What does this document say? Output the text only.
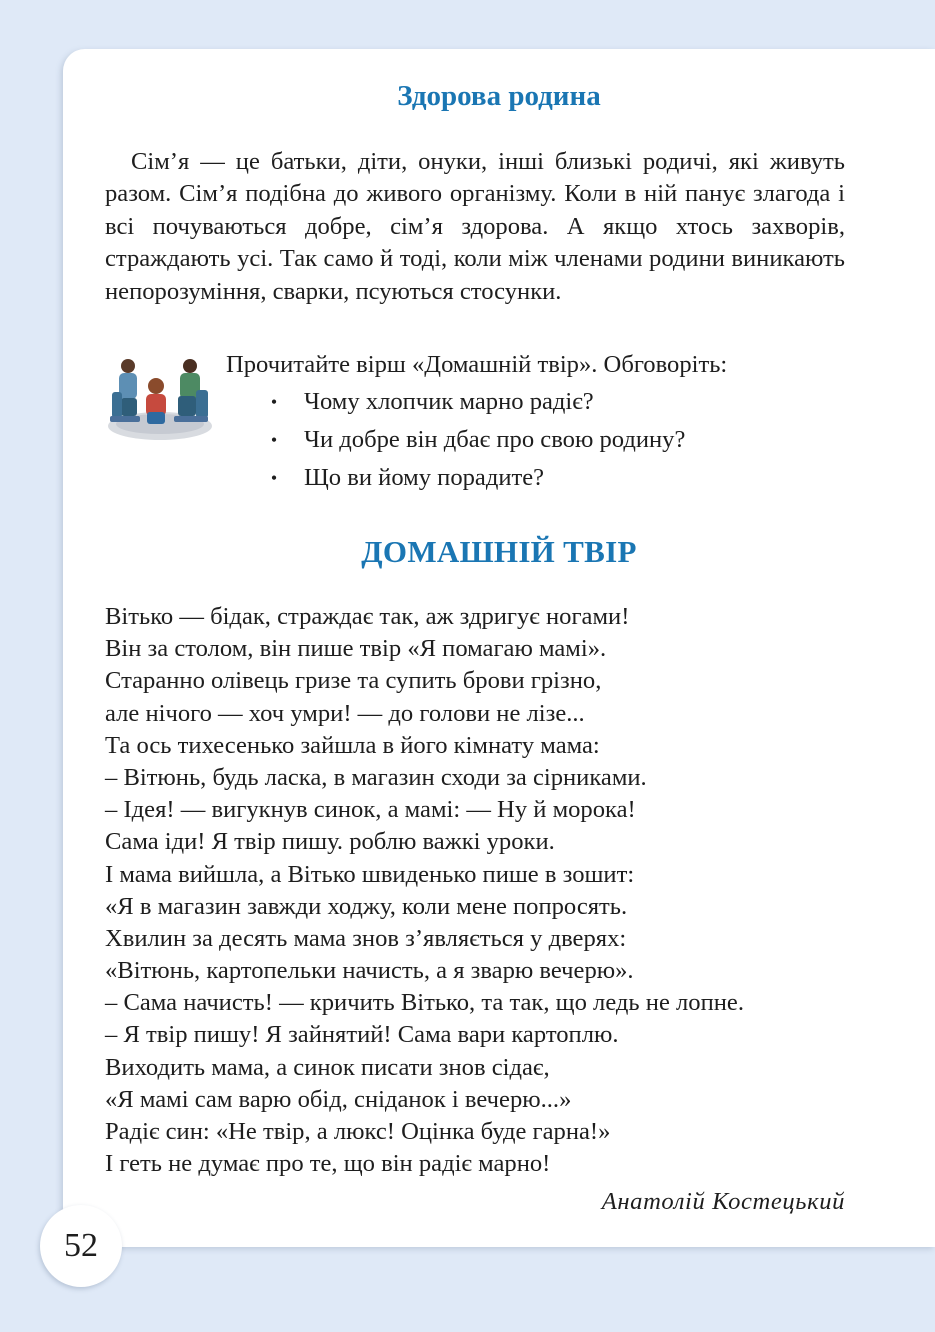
Здорова родина

Сім’я — це батьки, діти, онуки, інші близькі родичі, які живуть разом. Сім’я подібна до живого організму. Коли в ній панує злагода і всі почуваються добре, сім’я здорова. А якщо хтось захворів, страждають усі. Так само й тоді, коли між членами родини виникають непорозуміння, сварки, псуються стосунки.

Прочитайте вірш «Домашній твір». Обговоріть:

• Чому хлопчик марно радіє?
• Чи добре він дбає про свою родину?
• Що ви йому порадите?
ДОМАШНІЙ ТВІР
Вітько — бідак, страждає так, аж здригує ногами!
Він за столом, він пише твір «Я помагаю мамі».
Старанно олівець гризе та супить брови грізно,
але нічого — хоч умри! — до голови не лізе...
Та ось тихесенько зайшла в його кімнату мама:
– Вітюнь, будь ласка, в магазин сходи за сірниками.
– Ідея! — вигукнув синок, а мамі: — Ну й морока!
Сама іди! Я твір пишу. роблю важкі уроки.
І мама вийшла, а Вітько швиденько пише в зошит:
«Я в магазин завжди ходжу, коли мене попросять.
Хвилин за десять мама знов з’являється у дверях:
«Вітюнь, картопельки начисть, а я зварю вечерю».
– Сама начисть! — кричить Вітько, та так, що ледь не лопне.
– Я твір пишу! Я зайнятий! Сама вари картоплю.
Виходить мама, а синок писати знов сідає,
«Я мамі сам варю обід, сніданок і вечерю...»
Радіє син: «Не твір, а люкс! Оцінка буде гарна!»
І геть не думає про те, що він радіє марно!

Анатолій Костецький

52
